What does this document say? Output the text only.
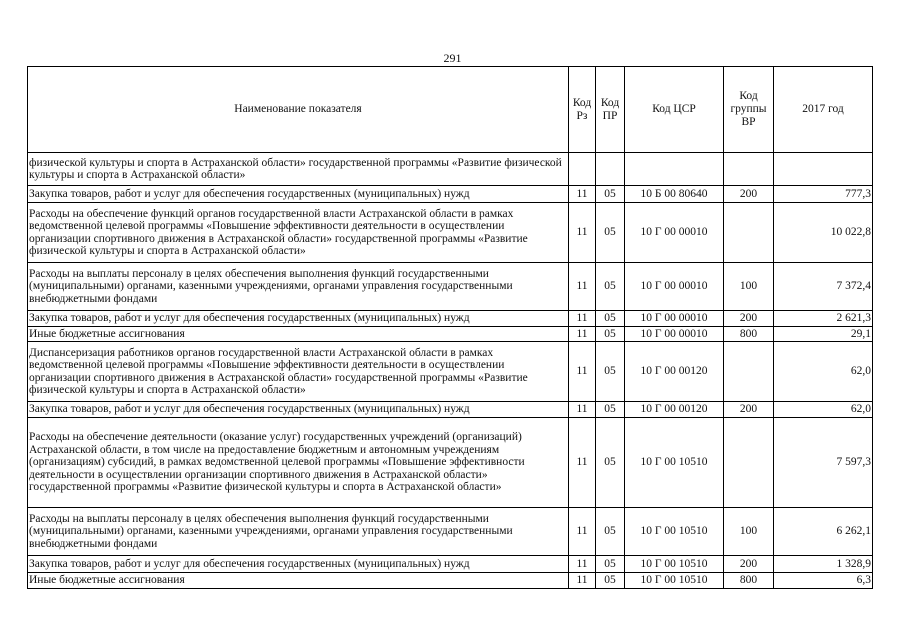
291
Наименование показателя	Код Рз	Код ПР	Код ЦСР	Код группы ВР	2017 год
физической культуры и спорта в Астраханской области» государственной программы «Развитие физической культуры и спорта в Астраханской области»					
Закупка товаров, работ и услуг для обеспечения государственных (муниципальных) нужд	11	05	10 Б 00 80640	200	777,3
Расходы на обеспечение функций органов государственной власти Астраханской области в рамках ведомственной целевой программы «Повышение эффективности деятельности в осуществлении организации спортивного движения в Астраханской области» государственной программы «Развитие физической культуры и спорта в Астраханской области»	11	05	10 Г 00 00010		10 022,8
Расходы на выплаты персоналу в целях обеспечения выполнения функций государственными (муниципальными) органами, казенными учреждениями, органами управления государственными внебюджетными фондами	11	05	10 Г 00 00010	100	7 372,4
Закупка товаров, работ и услуг для обеспечения государственных (муниципальных) нужд	11	05	10 Г 00 00010	200	2 621,3
Иные бюджетные ассигнования	11	05	10 Г 00 00010	800	29,1
Диспансеризация работников органов государственной власти Астраханской области в рамках ведомственной целевой программы «Повышение эффективности деятельности в осуществлении организации спортивного движения в Астраханской области» государственной программы «Развитие физической культуры и спорта в Астраханской области»	11	05	10 Г 00 00120		62,0
Закупка товаров, работ и услуг для обеспечения государственных (муниципальных) нужд	11	05	10 Г 00 00120	200	62,0
Расходы на обеспечение деятельности (оказание услуг) государственных учреждений (организаций) Астраханской области, в том числе на предоставление бюджетным и автономным учреждениям (организациям) субсидий, в рамках ведомственной целевой программы «Повышение эффективности деятельности в осуществлении организации спортивного движения в Астраханской области» государственной программы «Развитие физической культуры и спорта в Астраханской области»	11	05	10 Г 00 10510		7 597,3
Расходы на выплаты персоналу в целях обеспечения выполнения функций государственными (муниципальными) органами, казенными учреждениями, органами управления государственными внебюджетными фондами	11	05	10 Г 00 10510	100	6 262,1
Закупка товаров, работ и услуг для обеспечения государственных (муниципальных) нужд	11	05	10 Г 00 10510	200	1 328,9
Иные бюджетные ассигнования	11	05	10 Г 00 10510	800	6,3
